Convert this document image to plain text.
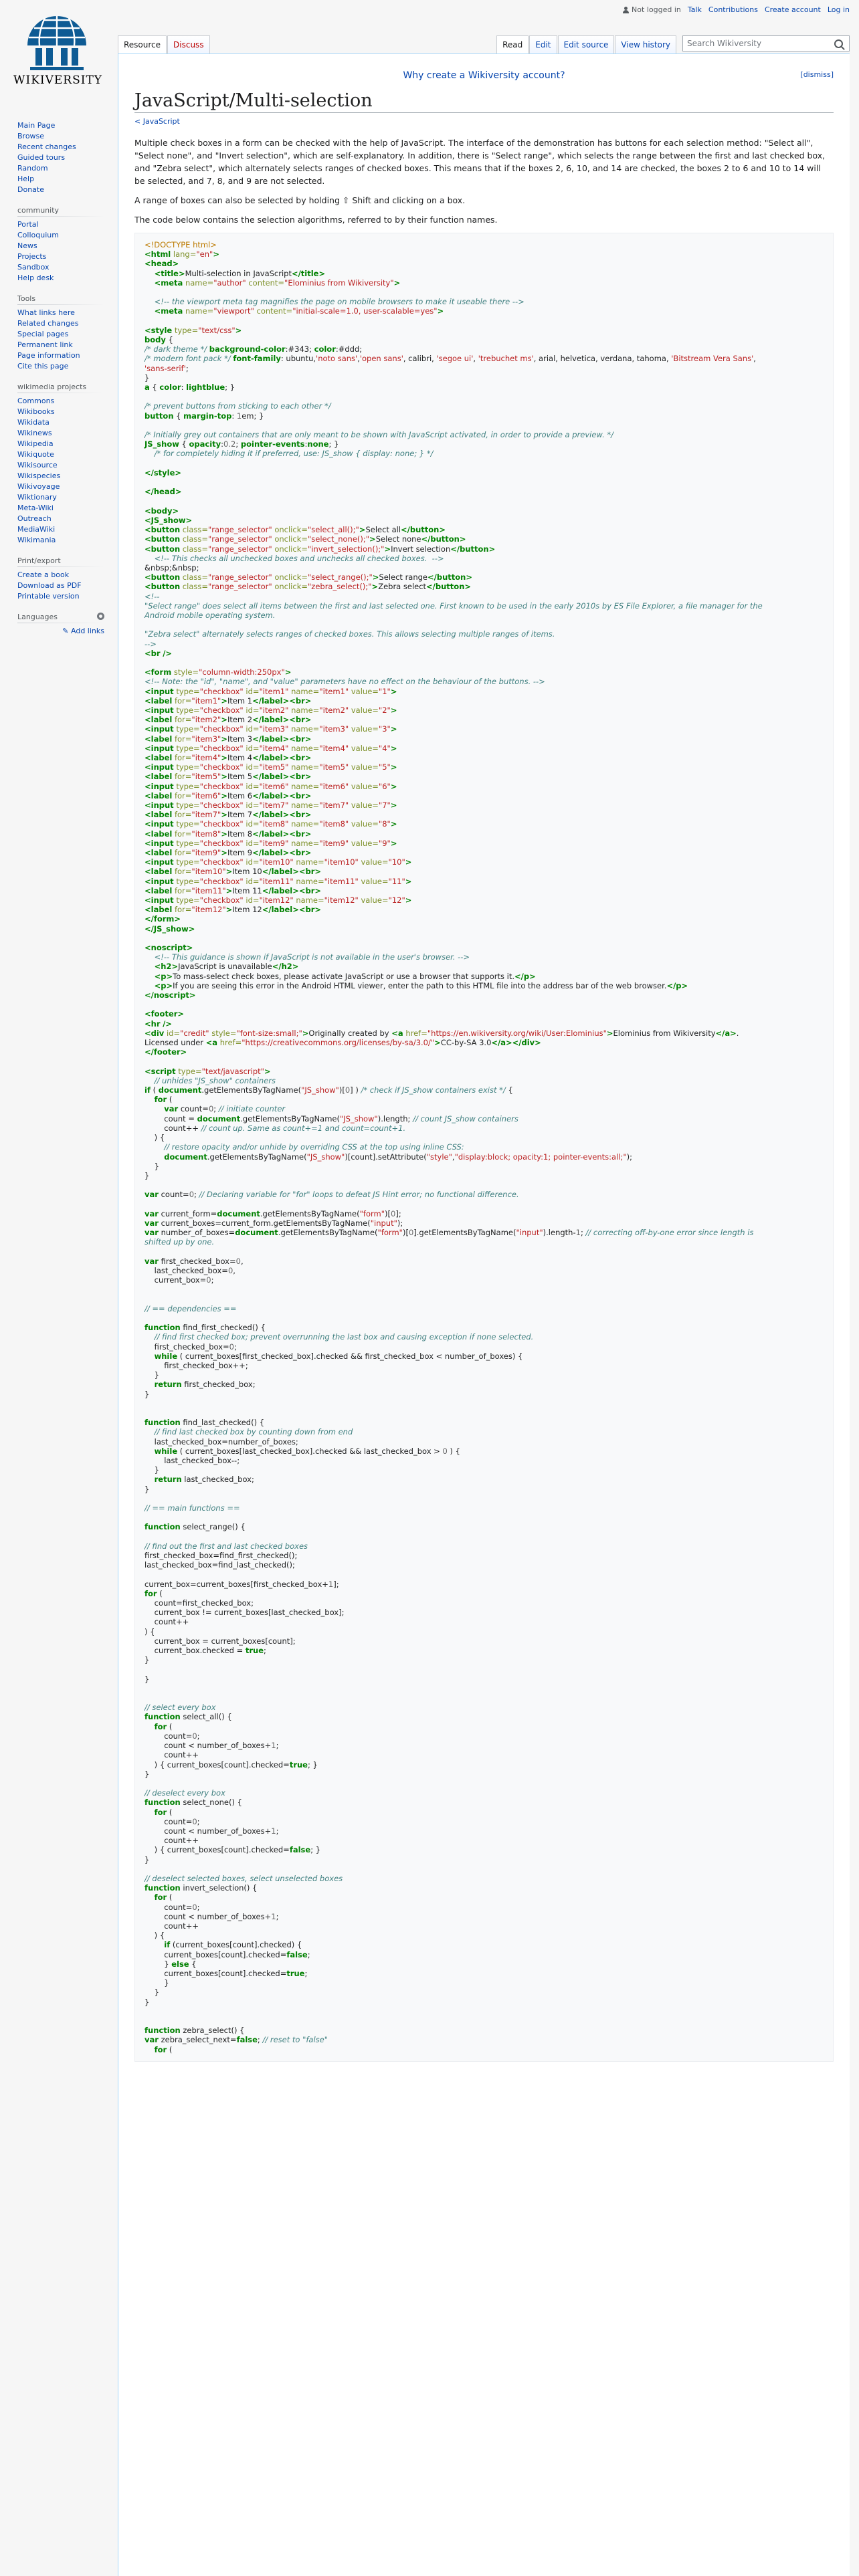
Not logged in Talk Contributions Create account Log in
WIKIVERSITY
Resource	Discuss	Read	Edit	Edit source	View history	Search Wikiversity
Main Page
Browse
Recent changes
Guided tours
Random
Help
Donate
community
Portal
Colloquium
News
Projects
Sandbox
Help desk
Tools
What links here
Related changes
Special pages
Permanent link
Page information
Cite this page
wikimedia projects
Commons
Wikibooks
Wikidata
Wikinews
Wikipedia
Wikiquote
Wikisource
Wikispecies
Wikivoyage
Wiktionary
Meta-Wiki
Outreach
MediaWiki
Wikimania
Print/export
Create a book
Download as PDF
Printable version
Languages
✎ Add links
Why create a Wikiversity account?	[dismiss]
JavaScript/Multi-selection
< JavaScript

Multiple check boxes in a form can be checked with the help of JavaScript. The interface of the demonstration has buttons for each selection method: "Select all", "Select none", and "Invert selection", which are self-explanatory. In addition, there is "Select range", which selects the range between the first and last checked box, and "Zebra select", which alternately selects ranges of checked boxes. This means that if the boxes 2, 6, 10, and 14 are checked, the boxes 2 to 6 and 10 to 14 will be selected, and 7, 8, and 9 are not selected.

A range of boxes can also be selected by holding ⇧ Shift and clicking on a box.

The code below contains the selection algorithms, referred to by their function names.

<!DOCTYPE html>
<html lang="en">
<head>
<title>Multi-selection in JavaScript</title>
<meta name="author" content="Elominius from Wikiversity">

<!-- the viewport meta tag magnifies the page on mobile browsers to make it useable there -->
<meta name="viewport" content="initial-scale=1.0, user-scalable=yes">

<style type="text/css">
body {
/* dark theme */ background-color:#343; color:#ddd;
/* modern font pack */ font-family: ubuntu,'noto sans','open sans', calibri, 'segoe ui', 'trebuchet ms', arial, helvetica, verdana, tahoma, 'Bitstream Vera Sans',
'sans-serif';
}
a { color: lightblue; }

/* prevent buttons from sticking to each other */
button { margin-top: 1em; }

/* Initially grey out containers that are only meant to be shown with JavaScript activated, in order to provide a preview. */
JS_show { opacity:0.2; pointer-events:none; }
/* for completely hiding it if preferred, use: JS_show { display: none; } */

</style>

</head>

<body>
<JS_show>
<button class="range_selector" onclick="select_all();">Select all</button>
<button class="range_selector" onclick="select_none();">Select none</button>
<button class="range_selector" onclick="invert_selection();">Invert selection</button>
<!-- This checks all unchecked boxes and unchecks all checked boxes.  -->
&nbsp;&nbsp;
<button class="range_selector" onclick="select_range();">Select range</button>
<button class="range_selector" onclick="zebra_select();">Zebra select</button>
<!--
"Select range" does select all items between the first and last selected one. First known to be used in the early 2010s by ES File Explorer, a file manager for the
Android mobile operating system.

"Zebra select" alternately selects ranges of checked boxes. This allows selecting multiple ranges of items.
-->
<br />

<form style="column-width:250px">
<!-- Note: the "id", "name", and "value" parameters have no effect on the behaviour of the buttons. -->
<input type="checkbox" id="item1" name="item1" value="1">
<label for="item1">Item 1</label><br>
<input type="checkbox" id="item2" name="item2" value="2">
<label for="item2">Item 2</label><br>
<input type="checkbox" id="item3" name="item3" value="3">
<label for="item3">Item 3</label><br>
<input type="checkbox" id="item4" name="item4" value="4">
<label for="item4">Item 4</label><br>
<input type="checkbox" id="item5" name="item5" value="5">
<label for="item5">Item 5</label><br>
<input type="checkbox" id="item6" name="item6" value="6">
<label for="item6">Item 6</label><br>
<input type="checkbox" id="item7" name="item7" value="7">
<label for="item7">Item 7</label><br>
<input type="checkbox" id="item8" name="item8" value="8">
<label for="item8">Item 8</label><br>
<input type="checkbox" id="item9" name="item9" value="9">
<label for="item9">Item 9</label><br>
<input type="checkbox" id="item10" name="item10" value="10">
<label for="item10">Item 10</label><br>
<input type="checkbox" id="item11" name="item11" value="11">
<label for="item11">Item 11</label><br>
<input type="checkbox" id="item12" name="item12" value="12">
<label for="item12">Item 12</label><br>
</form>
</JS_show>

<noscript>
<!-- This guidance is shown if JavaScript is not available in the user's browser. -->
<h2>JavaScript is unavailable</h2>
<p>To mass-select check boxes, please activate JavaScript or use a browser that supports it.</p>
<p>If you are seeing this error in the Android HTML viewer, enter the path to this HTML file into the address bar of the web browser.</p>
</noscript>

<footer>
<hr />
<div id="credit" style="font-size:small;">Originally created by <a href="https://en.wikiversity.org/wiki/User:Elominius">Elominius from Wikiversity</a>.
Licensed under <a href="https://creativecommons.org/licenses/by-sa/3.0/">CC-by-SA 3.0</a></div>
</footer>

<script type="text/javascript">
// unhides "JS_show" containers
if ( document.getElementsByTagName("JS_show")[0] ) /* check if JS_show containers exist */ {
for (
var count=0; // initiate counter
count = document.getElementsByTagName("JS_show").length; // count JS_show containers
count++ // count up. Same as count+=1 and count=count+1.
) {
// restore opacity and/or unhide by overriding CSS at the top using inline CSS:
document.getElementsByTagName("JS_show")[count].setAttribute("style","display:block; opacity:1; pointer-events:all;");
}
}

var count=0; // Declaring variable for "for" loops to defeat JS Hint error; no functional difference.

var current_form=document.getElementsByTagName("form")[0];
var current_boxes=current_form.getElementsByTagName("input");
var number_of_boxes=document.getElementsByTagName("form")[0].getElementsByTagName("input").length-1; // correcting off-by-one error since length is
shifted up by one.

var first_checked_box=0,
last_checked_box=0,
current_box=0;

// == dependencies ==

function find_first_checked() {
// find first checked box; prevent overrunning the last box and causing exception if none selected.
first_checked_box=0;
while ( current_boxes[first_checked_box].checked && first_checked_box < number_of_boxes) {
first_checked_box++;
}
return first_checked_box;
}

function find_last_checked() {
// find last checked box by counting down from end
last_checked_box=number_of_boxes;
while ( current_boxes[last_checked_box].checked && last_checked_box > 0 ) {
last_checked_box--;
}
return last_checked_box;
}

// == main functions ==

function select_range() {

// find out the first and last checked boxes
first_checked_box=find_first_checked();
last_checked_box=find_last_checked();

current_box=current_boxes[first_checked_box+1];
for (
count=first_checked_box;
current_box != current_boxes[last_checked_box];
count++
) {
current_box = current_boxes[count];
current_box.checked = true;
}

}

// select every box
function select_all() {
for (
count=0;
count < number_of_boxes+1;
count++
) { current_boxes[count].checked=true; }
}

// deselect every box
function select_none() {
for (
count=0;
count < number_of_boxes+1;
count++
) { current_boxes[count].checked=false; }
}

// deselect selected boxes, select unselected boxes
function invert_selection() {
for (
count=0;
count < number_of_boxes+1;
count++
) {
if (current_boxes[count].checked) {
current_boxes[count].checked=false;
} else {
current_boxes[count].checked=true;
}
}
}

function zebra_select() {
var zebra_select_next=false; // reset to "false"
for (
